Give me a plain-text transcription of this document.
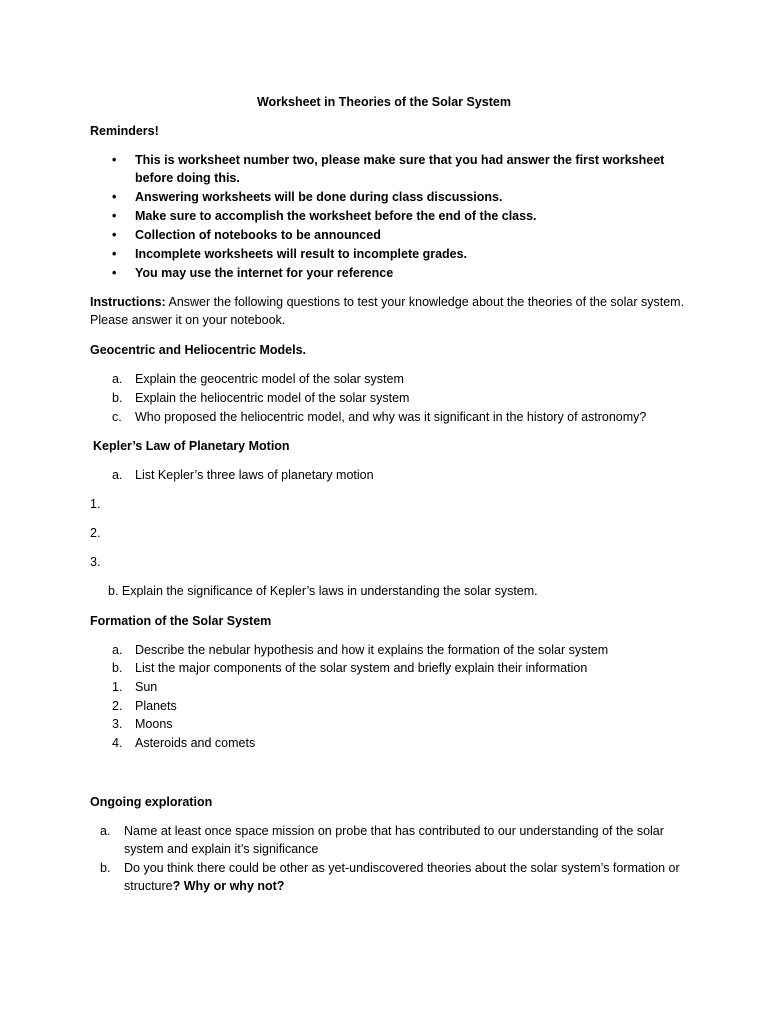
Worksheet in Theories of the Solar System
Reminders!
• This is worksheet number two, please make sure that you had answer the first worksheet before doing this.
• Answering worksheets will be done during class discussions.
• Make sure to accomplish the worksheet before the end of the class.
• Collection of notebooks to be announced
• Incomplete worksheets will result to incomplete grades.
• You may use the internet for your reference
Instructions: Answer the following questions to test your knowledge about the theories of the solar system. Please answer it on your notebook.
Geocentric and Heliocentric Models.
a. Explain the geocentric model of the solar system
b. Explain the heliocentric model of the solar system
c. Who proposed the heliocentric model, and why was it significant in the history of astronomy?
Kepler’s Law of Planetary Motion
a. List Kepler’s three laws of planetary motion
1.
2.
3.
b. Explain the significance of Kepler’s laws in understanding the solar system.
Formation of the Solar System
a. Describe the nebular hypothesis and how it explains the formation of the solar system
b. List the major components of the solar system and briefly explain their information
1. Sun
2. Planets
3. Moons
4. Asteroids and comets
Ongoing exploration
a. Name at least once space mission on probe that has contributed to our understanding of the solar system and explain it’s significance
b. Do you think there could be other as yet-undiscovered theories about the solar system’s formation or structure? Why or why not?
